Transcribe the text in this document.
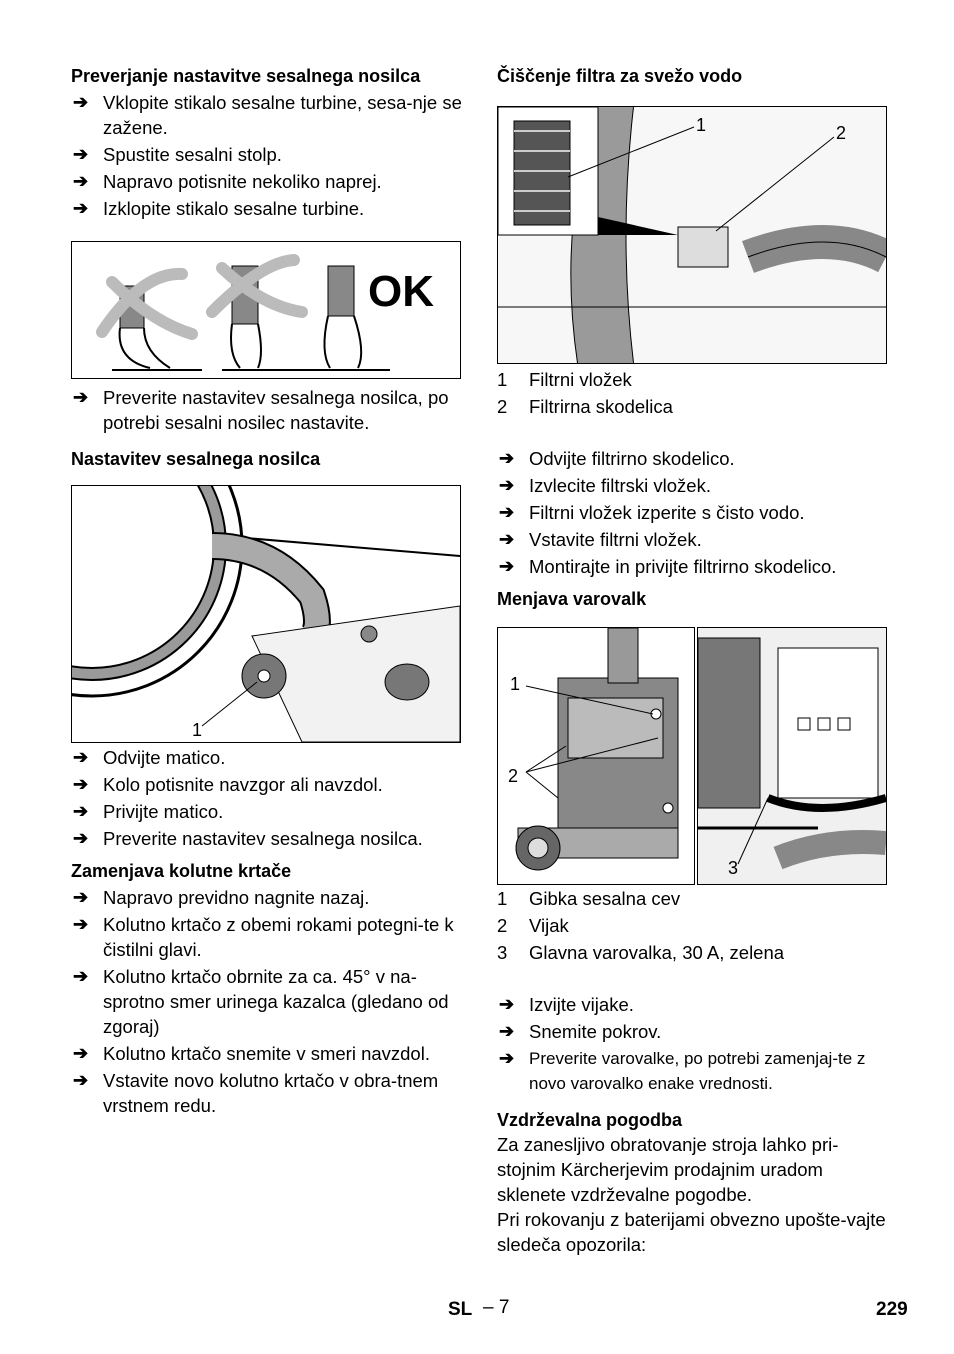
Preverjanje nastavitve sesalnega nosilca

➔ Vklopite stikalo sesalne turbine, sesa-nje se zažene.
➔ Spustite sesalni stolp.
➔ Napravo potisnite nekoliko naprej.
➔ Izklopite stikalo sesalne turbine.
OK
➔ Preverite nastavitev sesalnega nosilca, po potrebi sesalni nosilec nastavite.

Nastavitev sesalnega nosilca

1
➔ Odvijte matico.
➔ Kolo potisnite navzgor ali navzdol.
➔ Privijte matico.
➔ Preverite nastavitev sesalnega nosilca.

Zamenjava kolutne krtače

➔ Napravo previdno nagnite nazaj.
➔ Kolutno krtačo z obemi rokami potegni-te k čistilni glavi.
➔ Kolutno krtačo obrnite za ca. 45° v na-sprotno smer urinega kazalca (gledano od zgoraj)
➔ Kolutno krtačo snemite v smeri navzdol.
➔ Vstavite novo kolutno krtačo v obra-tnem vrstnem redu.

Čiščenje filtra za svežo vodo

1	2
1 Filtrni vložek
2 Filtrirna skodelica
➔ Odvijte filtrirno skodelico.
➔ Izvlecite filtrski vložek.
➔ Filtrni vložek izperite s čisto vodo.
➔ Vstavite filtrni vložek.
➔ Montirajte in privijte filtrirno skodelico.

Menjava varovalk

1
2
3
1 Gibka sesalna cev
2 Vijak
3 Glavna varovalka, 30 A, zelena
➔ Izvijte vijake.
➔ Snemite pokrov.
➔ Preverite varovalke, po potrebi zamenjaj-te z novo varovalko enake vrednosti.

Vzdrževalna pogodba

Za zanesljivo obratovanje stroja lahko pri-stojnim Kärcherjevim prodajnim uradom sklenete vzdrževalne pogodbe.

Pri rokovanju z baterijami obvezno upošte-vajte sledeča opozorila:

SL – 7	229
